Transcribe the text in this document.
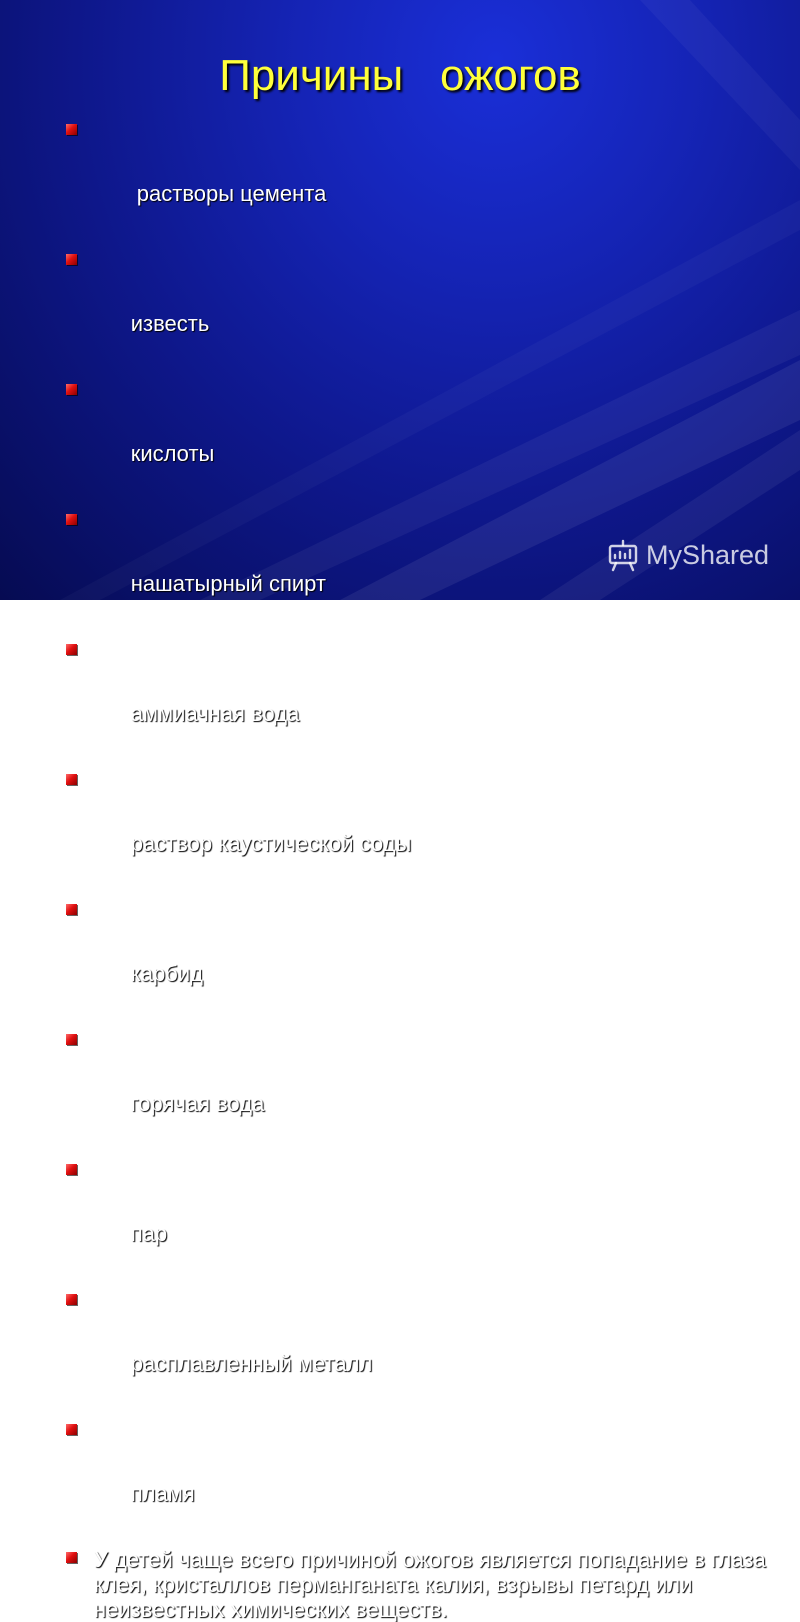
Причины   ожогов

растворы цемента

известь

кислоты

нашатырный спирт

аммиачная вода

раствор каустической соды

карбид

горячая вода

пар

расплавленный металл

пламя

У детей чаще всего причиной ожогов является попадание в глаза клея, кристаллов перманганата калия, взрывы петард или неизвестных химических веществ.
MyShared
